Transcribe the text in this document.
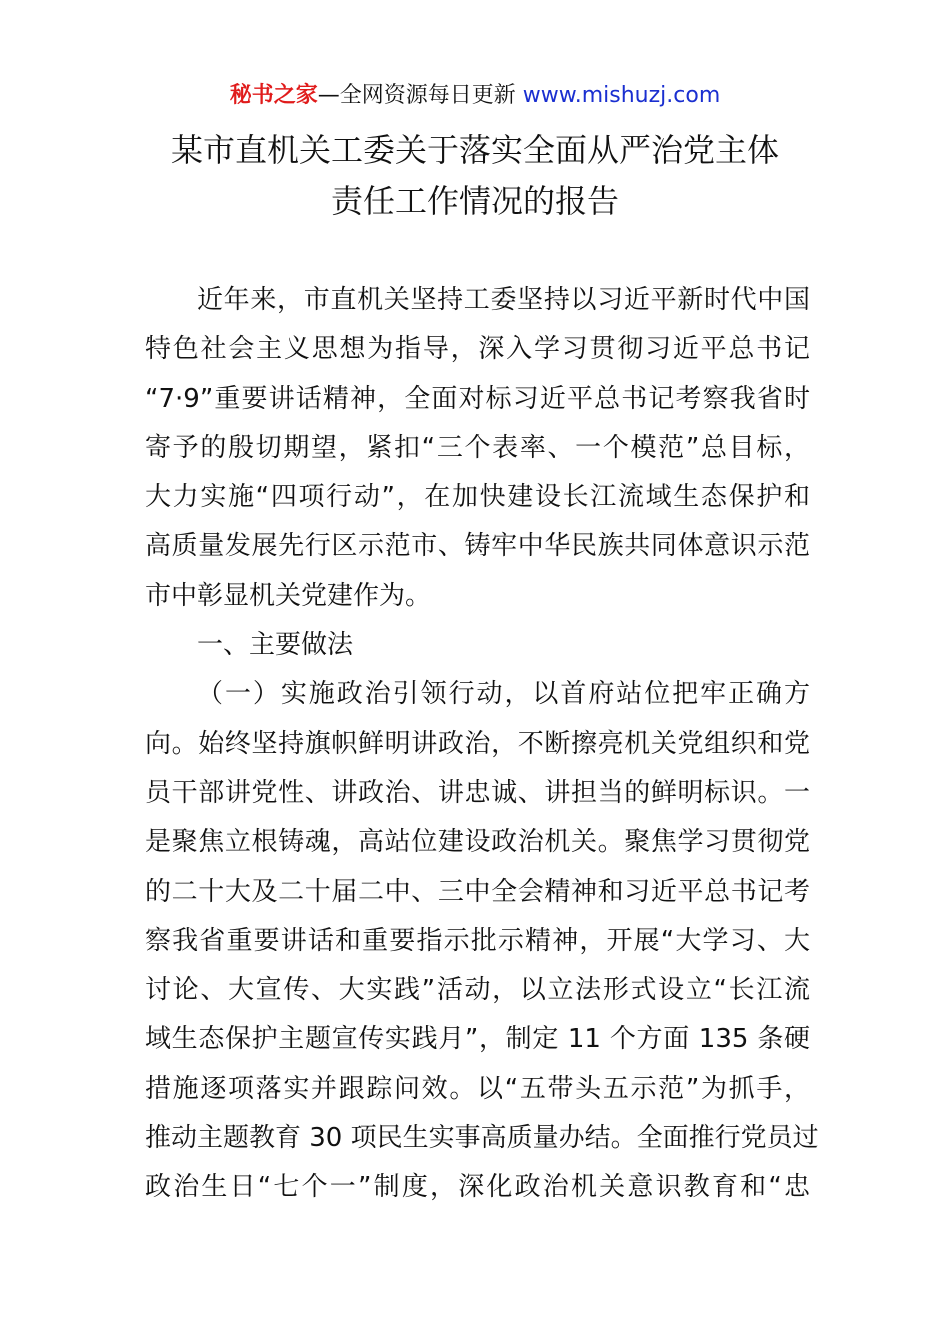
秘书之家—全网资源每日更新 www.mishuzj.com
某市直机关工委关于落实全面从严治党主体
责任工作情况的报告
近年来，市直机关坚持工委坚持以习近平新时代中国
特色社会主义思想为指导，深入学习贯彻习近平总书记
“7·9”重要讲话精神，全面对标习近平总书记考察我省时
寄予的殷切期望，紧扣“三个表率、一个模范”总目标，
大力实施“四项行动”，在加快建设长江流域生态保护和
高质量发展先行区示范市、铸牢中华民族共同体意识示范
市中彰显机关党建作为。
一、主要做法
（一）实施政治引领行动，以首府站位把牢正确方
向。始终坚持旗帜鲜明讲政治，不断擦亮机关党组织和党
员干部讲党性、讲政治、讲忠诚、讲担当的鲜明标识。一
是聚焦立根铸魂，高站位建设政治机关。聚焦学习贯彻党
的二十大及二十届二中、三中全会精神和习近平总书记考
察我省重要讲话和重要指示批示精神，开展“大学习、大
讨论、大宣传、大实践”活动，以立法形式设立“长江流
域生态保护主题宣传实践月”，制定 11 个方面 135 条硬
措施逐项落实并跟踪问效。以“五带头五示范”为抓手，
推动主题教育 30 项民生实事高质量办结。全面推行党员过
政治生日“七个一”制度，深化政治机关意识教育和“忠
